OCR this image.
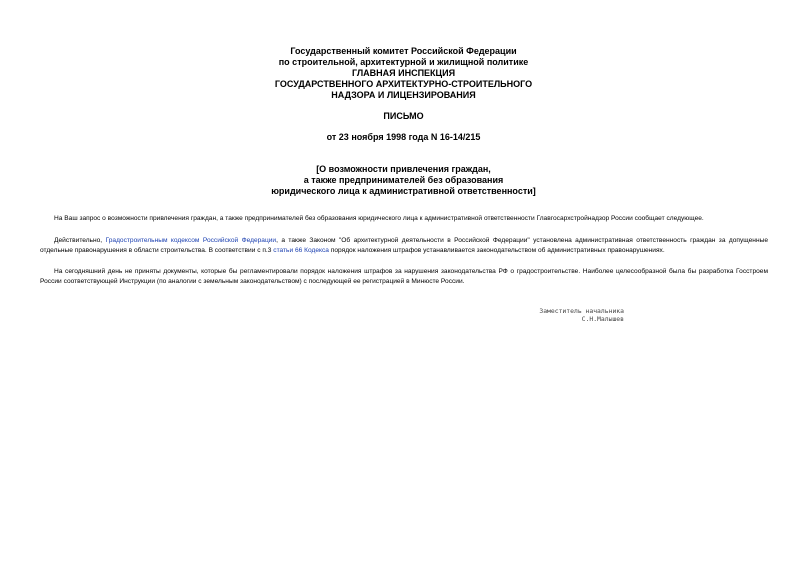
Государственный комитет Российской Федерации
по строительной, архитектурной и жилищной политике
ГЛАВНАЯ ИНСПЕКЦИЯ
ГОСУДАРСТВЕННОГО АРХИТЕКТУРНО-СТРОИТЕЛЬНОГО
НАДЗОРА И ЛИЦЕНЗИРОВАНИЯ
ПИСЬМО
от 23 ноября 1998 года N 16-14/215
[О возможности привлечения граждан,
а также предпринимателей без образования
юридического лица к административной ответственности]

На Ваш запрос о возможности привлечения граждан, а также предпринимателей без образования юридического лица к административной ответственности Главгосархстройнадзор России сообщает следующее.

Действительно, Градостроительным кодексом Российской Федерации, а также Законом "Об архитектурной деятельности в Российской Федерации" установлена административная ответственность граждан за допущенные отдельные правонарушения в области строительства. В соответствии с п.3 статьи 66 Кодекса порядок наложения штрафов устанавливается законодательством об административных правонарушениях.

На сегодняшний день не приняты документы, которые бы регламентировали порядок наложения штрафов за нарушения законодательства РФ о градостроительстве. Наиболее целесообразной была бы разработка Госстроем России соответствующей Инструкции (по аналогии с земельным законодательством) с последующей ее регистрацией в Минюсте России.

Заместитель начальника
С.Н.Малышев
